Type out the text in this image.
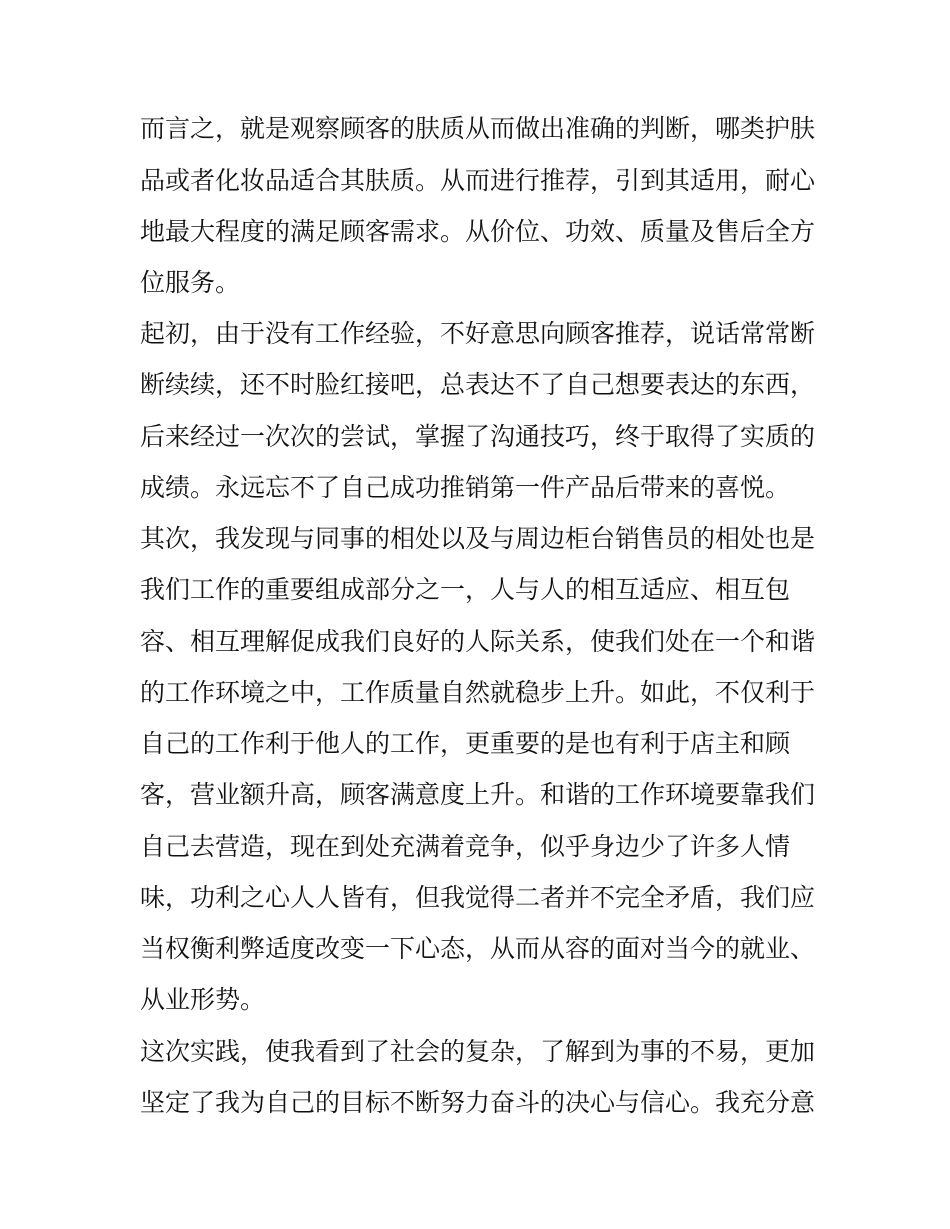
而言之，就是观察顾客的肤质从而做出准确的判断，哪类护肤
品或者化妆品适合其肤质。从而进行推荐，引到其适用，耐心
地最大程度的满足顾客需求。从价位、功效、质量及售后全方
位服务。
起初，由于没有工作经验，不好意思向顾客推荐，说话常常断
断续续，还不时脸红接吧，总表达不了自己想要表达的东西，
后来经过一次次的尝试，掌握了沟通技巧，终于取得了实质的
成绩。永远忘不了自己成功推销第一件产品后带来的喜悦。
其次，我发现与同事的相处以及与周边柜台销售员的相处也是
我们工作的重要组成部分之一，人与人的相互适应、相互包
容、相互理解促成我们良好的人际关系，使我们处在一个和谐
的工作环境之中，工作质量自然就稳步上升。如此，不仅利于
自己的工作利于他人的工作，更重要的是也有利于店主和顾
客，营业额升高，顾客满意度上升。和谐的工作环境要靠我们
自己去营造，现在到处充满着竞争，似乎身边少了许多人情
味，功利之心人人皆有，但我觉得二者并不完全矛盾，我们应
当权衡利弊适度改变一下心态，从而从容的面对当今的就业、
从业形势。
这次实践，使我看到了社会的复杂，了解到为事的不易，更加
坚定了我为自己的目标不断努力奋斗的决心与信心。我充分意
